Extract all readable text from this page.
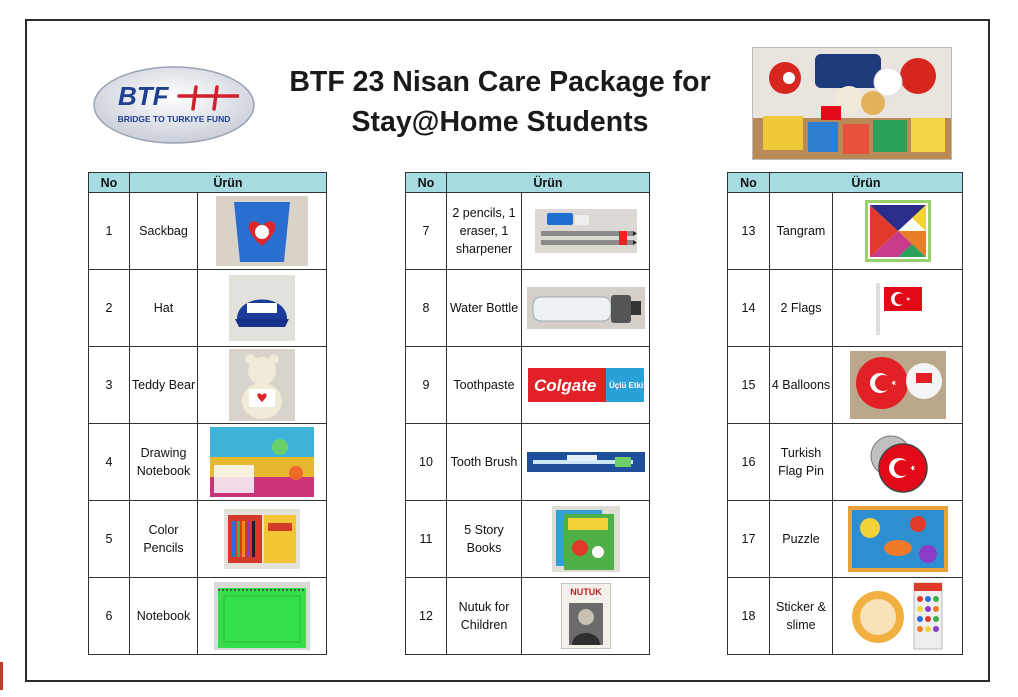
BTF
BRIDGE TO TURKIYE FUND
BTF 23 Nisan Care Package for
Stay@Home Students
No	Ürün	
1	Sackbag	

2	Hat	

3	Teddy Bear	

4	Drawing Notebook	

5	Color Pencils	

6	Notebook	
No	Ürün	
7	2 pencils, 1 eraser, 1 sharpener	

8	Water Bottle	

9	Toothpaste	Colgate Üçlü Etki

10	Tooth Brush	

11	5 Story Books	

12	Nutuk for Children	NUTUK
No	Ürün	
13	Tangram	

14	2 Flags	

15	4 Balloons	

16	Turkish Flag Pin	

17	Puzzle	

18	Sticker & slime	
